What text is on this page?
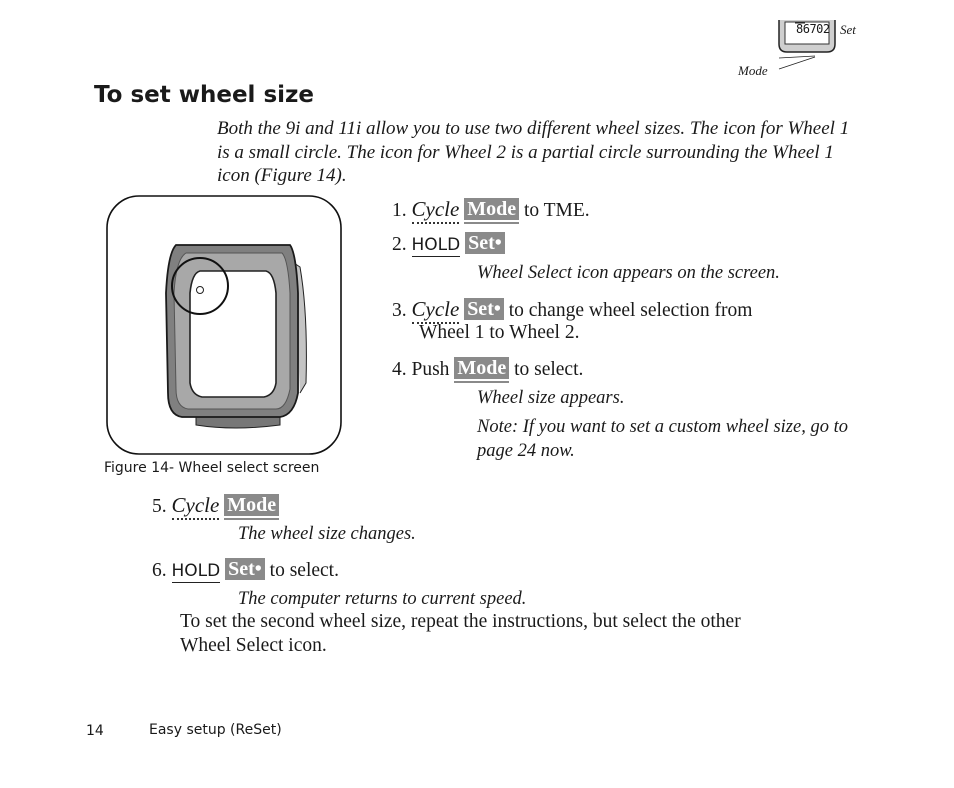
86702 Set
Mode
To set wheel size
Both the 9i and 11i allow you to use two different wheel sizes. The icon for Wheel 1 is a small circle. The icon for Wheel 2 is a partial circle surrounding the Wheel 1 icon (Figure 14).
Figure 14- Wheel select screen
1. Cycle Mode to TME.
2. HOLD Set•
Wheel Select icon appears on the screen.
3. Cycle Set• to change wheel selection from
Wheel 1 to Wheel 2.
4. Push Mode to select.
Wheel size appears.
Note: If you want to set a custom wheel size, go to page 24 now.
5. Cycle Mode
The wheel size changes.
6. HOLD Set• to select.
The computer returns to current speed.
To set the second wheel size, repeat the instructions, but select the other Wheel Select icon.
14	Easy setup (ReSet)
